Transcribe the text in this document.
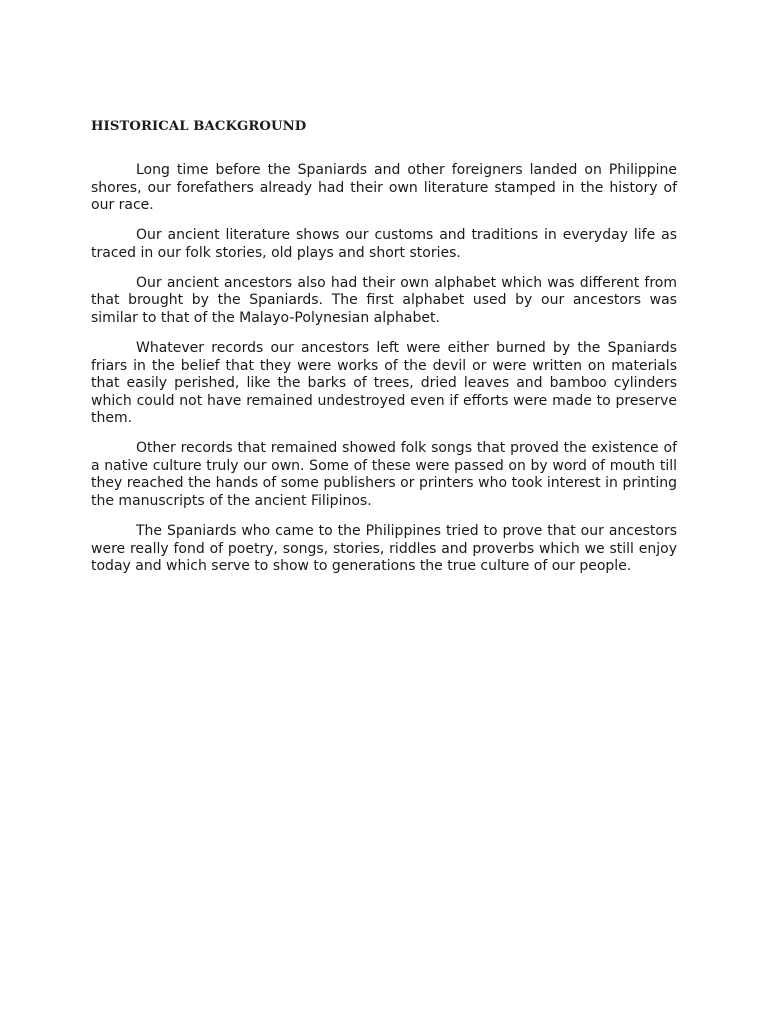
HISTORICAL BACKGROUND

Long time before the Spaniards and other foreigners landed on Philippine shores, our forefathers already had their own literature stamped in the history of our race.

Our ancient literature shows our customs and traditions in everyday life as traced in our folk stories, old plays and short stories.

Our ancient ancestors also had their own alphabet which was different from that brought by the Spaniards. The first alphabet used by our ancestors was similar to that of the Malayo-Polynesian alphabet.

Whatever records our ancestors left were either burned by the Spaniards friars in the belief that they were works of the devil or were written on materials that easily perished, like the barks of trees, dried leaves and bamboo cylinders which could not have remained undestroyed even if efforts were made to preserve them.

Other records that remained showed folk songs that proved the existence of a native culture truly our own. Some of these were passed on by word of mouth till they reached the hands of some publishers or printers who took interest in printing the manuscripts of the ancient Filipinos.

The Spaniards who came to the Philippines tried to prove that our ancestors were really fond of poetry, songs, stories, riddles and proverbs which we still enjoy today and which serve to show to generations the true culture of our people.
